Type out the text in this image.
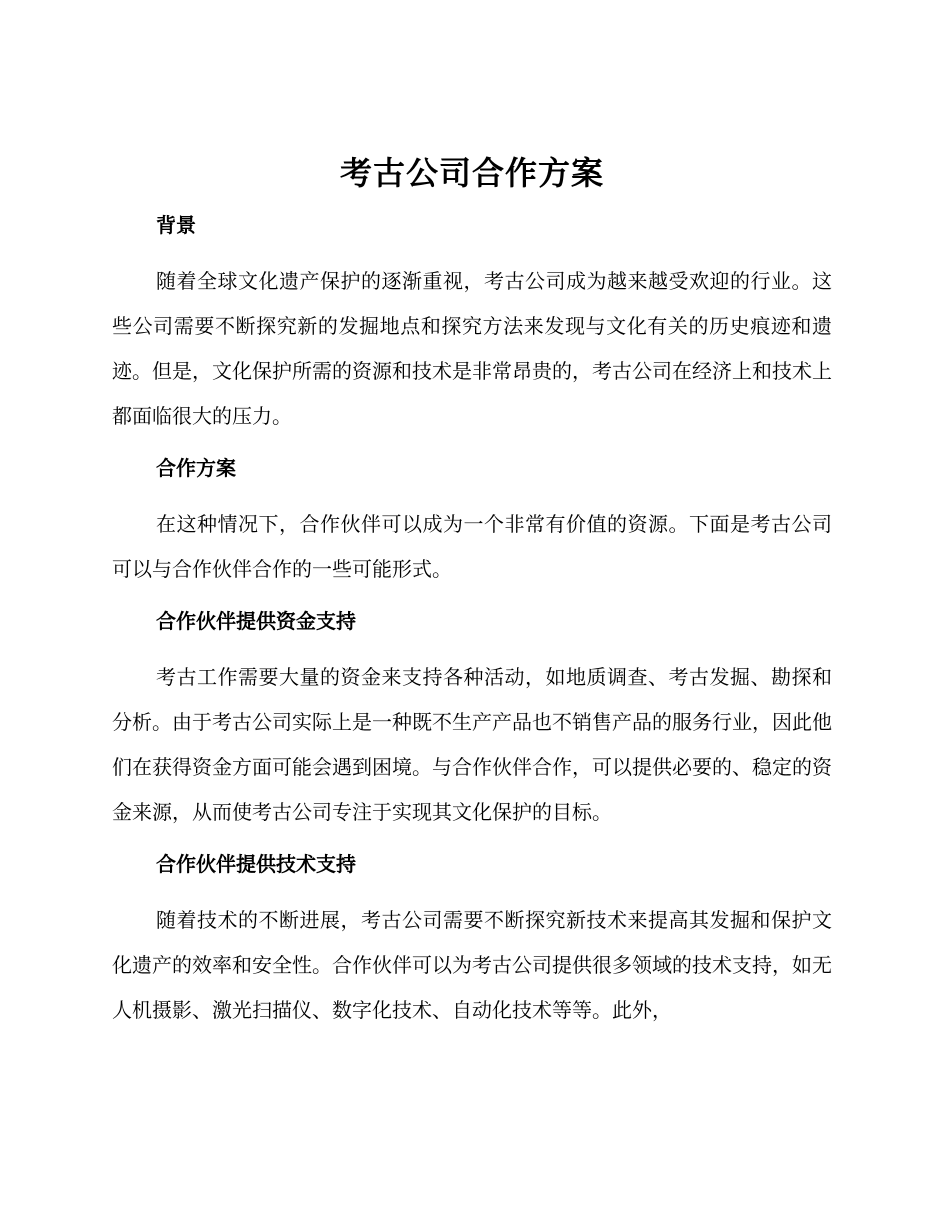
考古公司合作方案
背景

随着全球文化遗产保护的逐渐重视，考古公司成为越来越受欢迎的行业。这些公司需要不断探究新的发掘地点和探究方法来发现与文化有关的历史痕迹和遗迹。但是，文化保护所需的资源和技术是非常昂贵的，考古公司在经济上和技术上都面临很大的压力。

合作方案

在这种情况下，合作伙伴可以成为一个非常有价值的资源。下面是考古公司可以与合作伙伴合作的一些可能形式。

合作伙伴提供资金支持

考古工作需要大量的资金来支持各种活动，如地质调查、考古发掘、勘探和分析。由于考古公司实际上是一种既不生产产品也不销售产品的服务行业，因此他们在获得资金方面可能会遇到困境。与合作伙伴合作，可以提供必要的、稳定的资金来源，从而使考古公司专注于实现其文化保护的目标。

合作伙伴提供技术支持

随着技术的不断进展，考古公司需要不断探究新技术来提高其发掘和保护文化遗产的效率和安全性。合作伙伴可以为考古公司提供很多领域的技术支持，如无人机摄影、激光扫描仪、数字化技术、自动化技术等等。此外，
